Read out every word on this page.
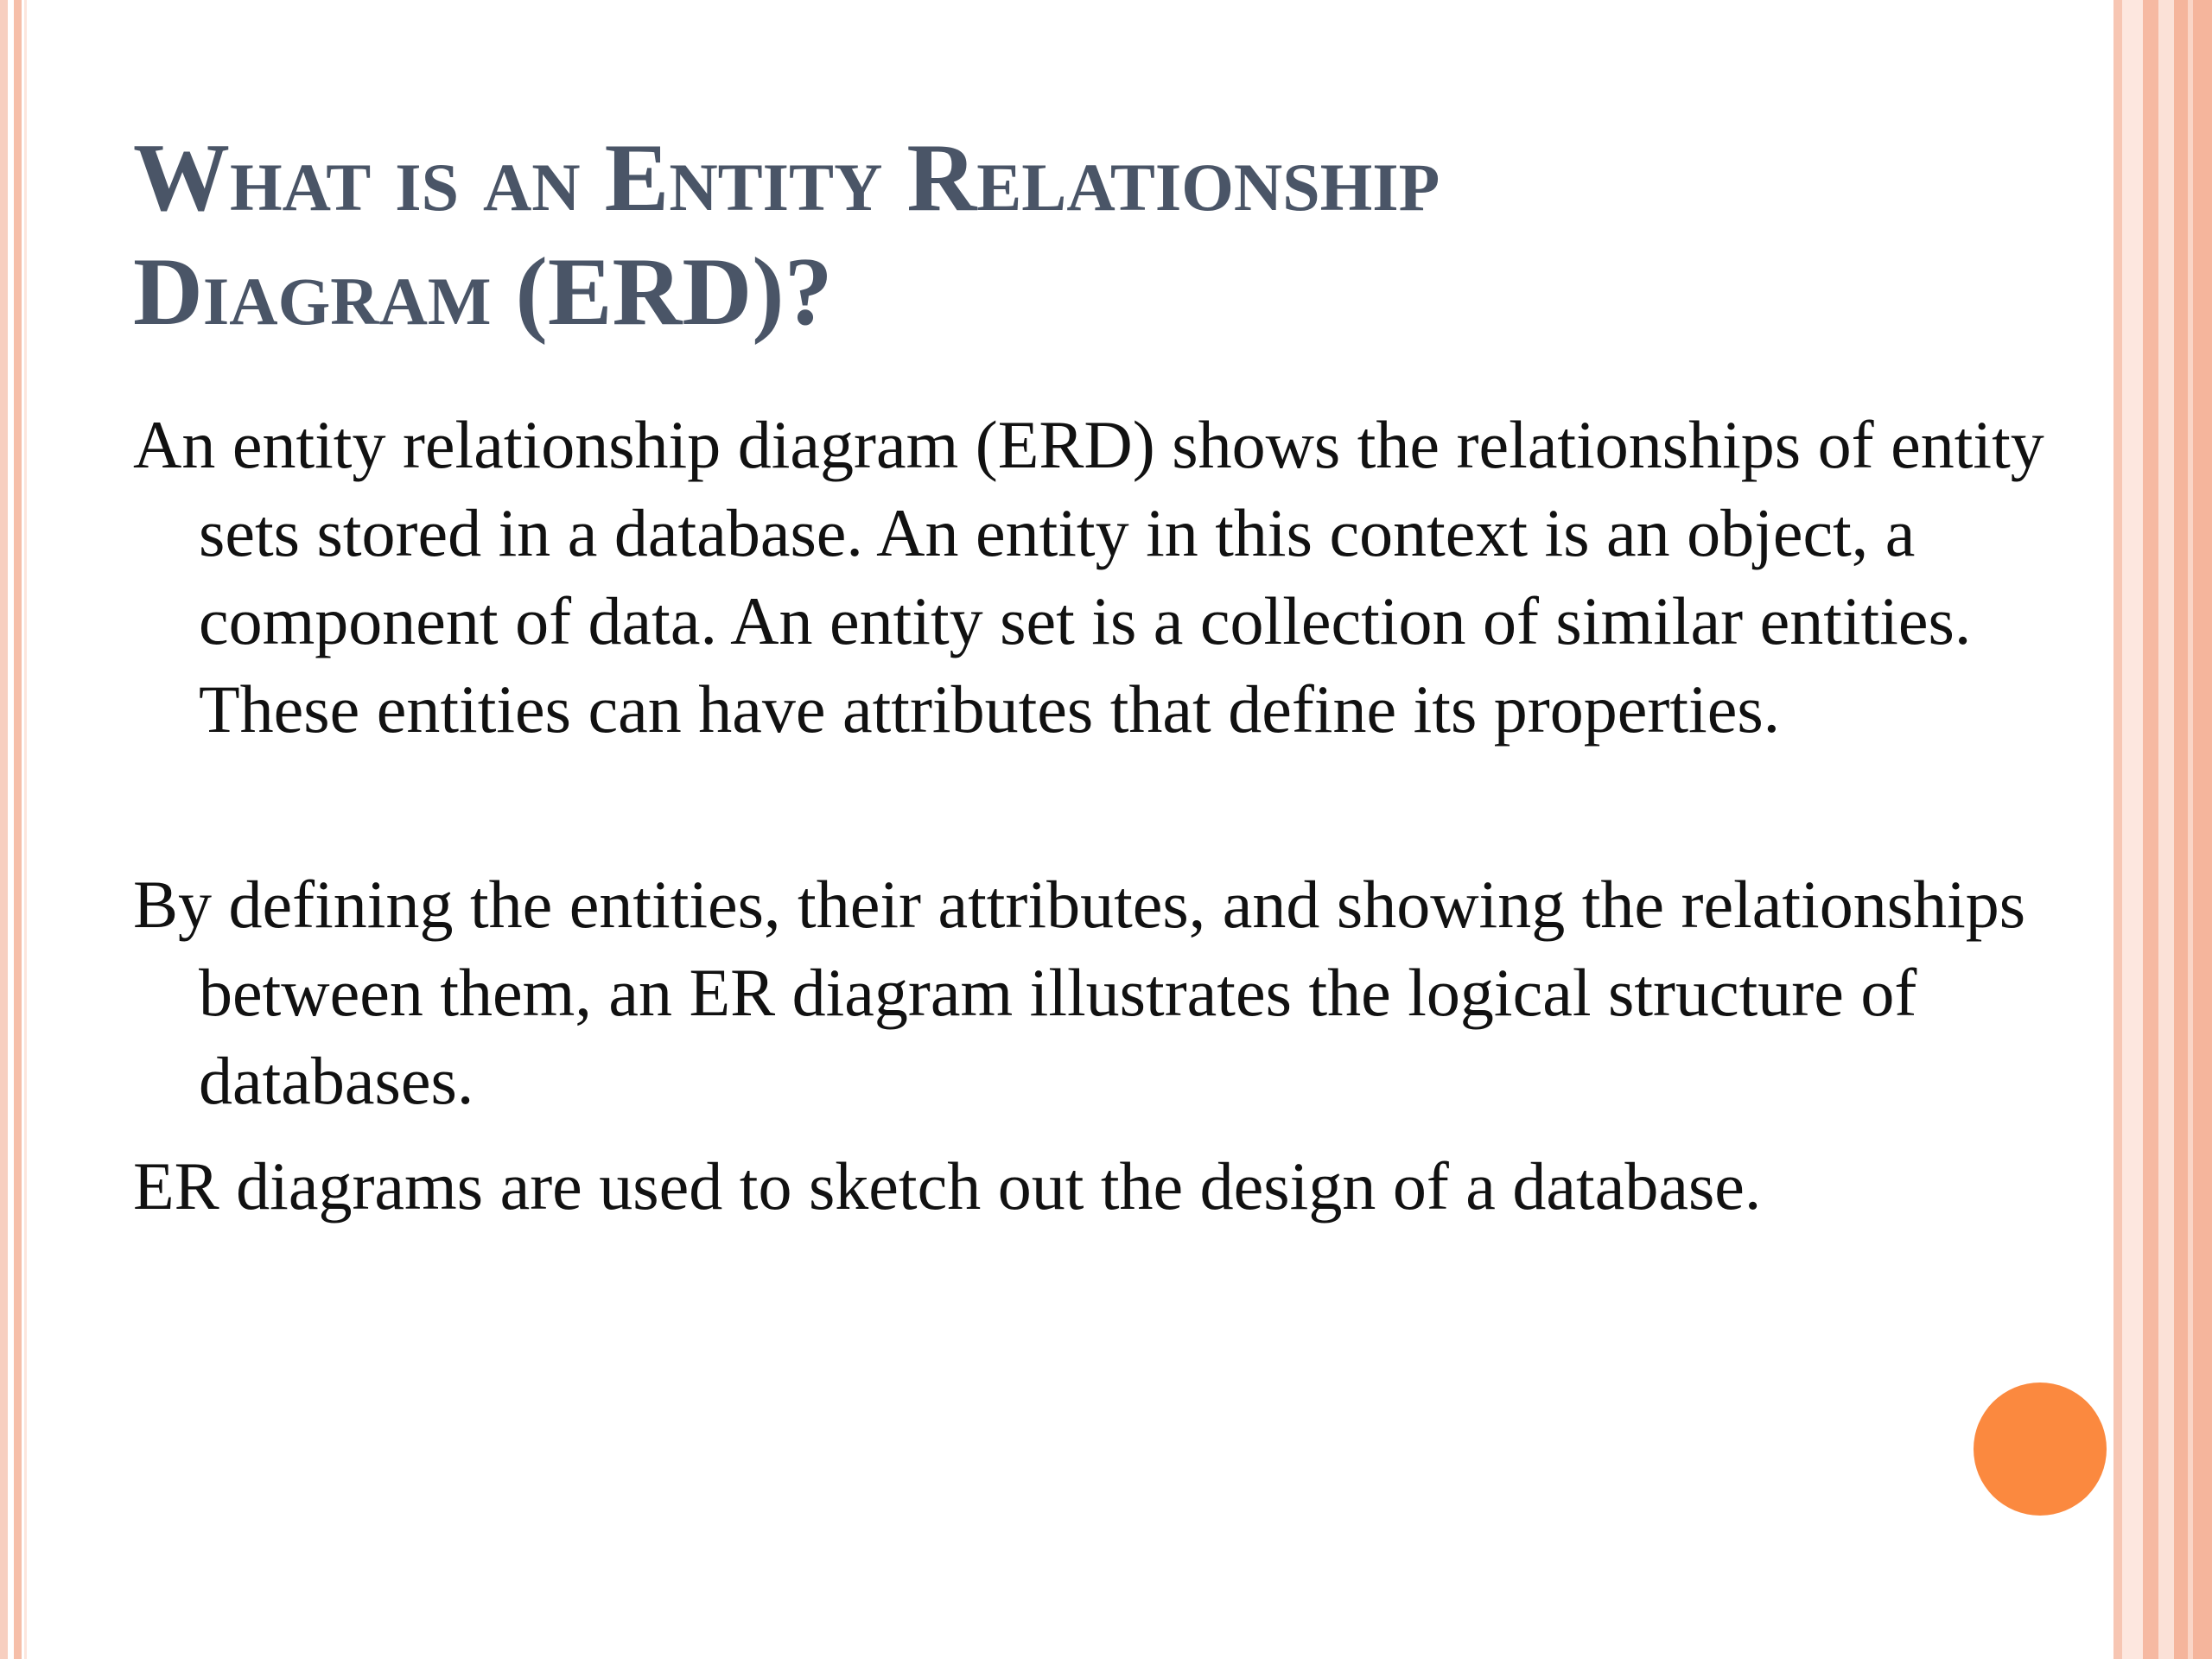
What is an Entity Relationship
Diagram (ERD)?

An entity relationship diagram (ERD) shows the relationships of entity sets stored in a database. An entity in this context is an object, a component of data. An entity set is a collection of similar entities. These entities can have attributes that define its properties.

By defining the entities, their attributes, and showing the relationships between them, an ER diagram illustrates the logical structure of databases.

ER diagrams are used to sketch out the design of a database.
